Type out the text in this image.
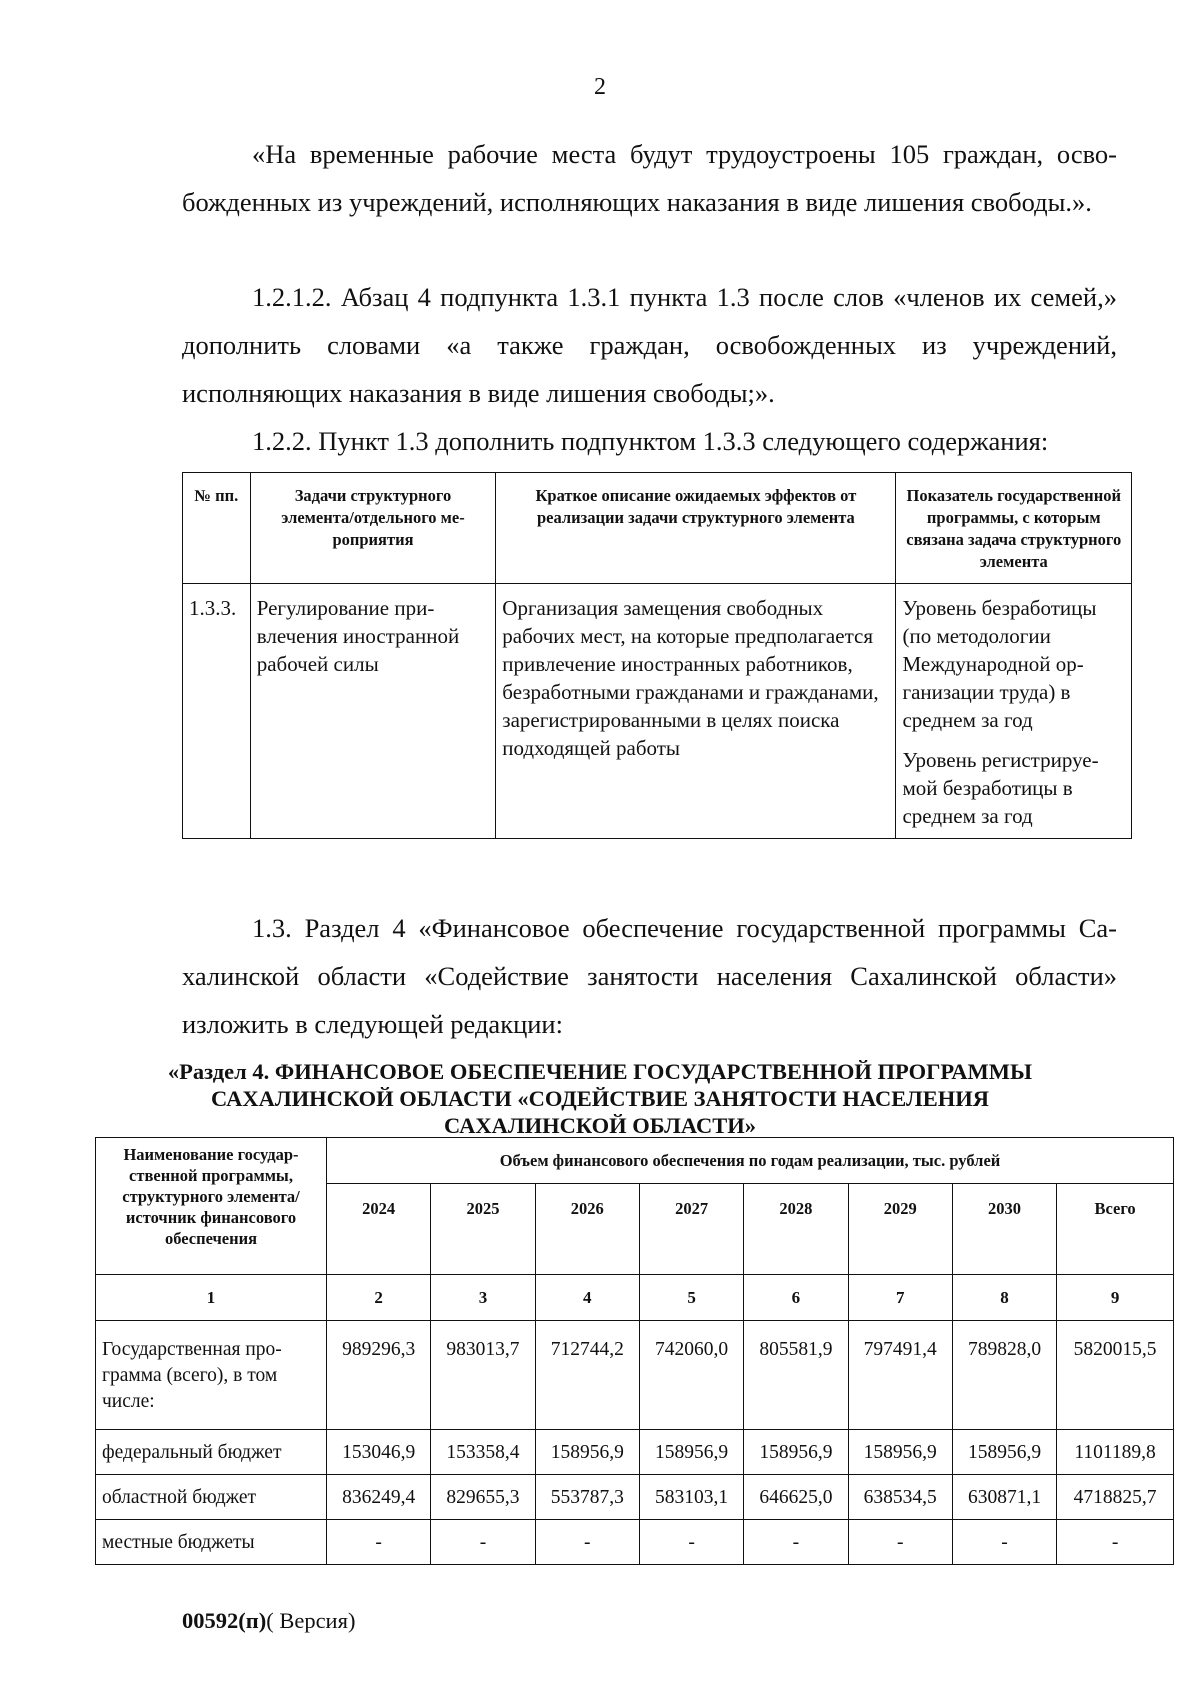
2

«На временные рабочие места будут трудоустроены 105 граждан, освобожденных из учреждений, исполняющих наказания в виде лишения свободы.».

1.2.1.2. Абзац 4 подпункта 1.3.1 пункта 1.3 после слов «членов их семей,» дополнить словами «а также граждан, освобожденных из учреждений, исполняющих наказания в виде лишения свободы;».

1.2.2. Пункт 1.3 дополнить подпунктом 1.3.3 следующего содержания:

№ пп.	Задачи структурного элемента/отдельного мероприятия	Краткое описание ожидаемых эффектов от реализации задачи структурного элемента	Показатель государственной программы, с которым связана задача структурного элемента
1.3.3.	Регулирование привлечения иностранной рабочей силы	Организация замещения свободных рабочих мест, на которые предполагается привлечение иностранных работников, безработными гражданами и гражданами, зарегистрированными в целях поиска подходящей работы	Уровень безработицы (по методологии Международной организации труда) в среднем за год
Уровень регистрируемой безработицы в среднем за год

1.3. Раздел 4 «Финансовое обеспечение государственной программы Сахалинской области «Содействие занятости населения Сахалинской области» изложить в следующей редакции:

«Раздел 4. ФИНАНСОВОЕ ОБЕСПЕЧЕНИЕ ГОСУДАРСТВЕННОЙ ПРОГРАММЫ САХАЛИНСКОЙ ОБЛАСТИ «СОДЕЙСТВИЕ ЗАНЯТОСТИ НАСЕЛЕНИЯ САХАЛИНСКОЙ ОБЛАСТИ»
Наименование государственной программы, структурного элемента/источник финансового обеспечения	Объем финансового обеспечения по годам реализации, тыс. рублей							
	2024	2025	2026	2027	2028	2029	2030	Всего
1	2	3	4	5	6	7	8	9
Государственная программа (всего), в том числе:	989296,3	983013,7	712744,2	742060,0	805581,9	797491,4	789828,0	5820015,5
федеральный бюджет	153046,9	153358,4	158956,9	158956,9	158956,9	158956,9	158956,9	1101189,8
областной бюджет	836249,4	829655,3	553787,3	583103,1	646625,0	638534,5	630871,1	4718825,7
местные бюджеты	-	-	-	-	-	-	-	-
00592(п)( Версия)
